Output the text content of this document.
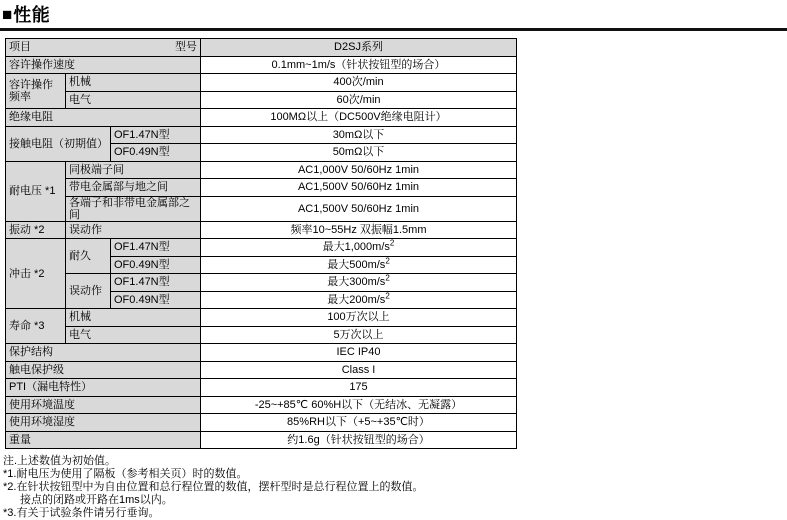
■ 性能
项目 型号			D2SJ系列
容许操作速度			0.1mm~1m/s（针状按钮型的场合）
容许操作频率	机械		400次/min
	电气		60次/min
绝缘电阻			100MΩ以上（DC500V绝缘电阻计）
接触电阻（初期值）		OF1.47N型	30mΩ以下
		OF0.49N型	50mΩ以下
耐电压 *1	同极端子间		AC1,000V 50/60Hz 1min
	带电金属部与地之间		AC1,500V 50/60Hz 1min
	各端子和非带电金属部之间		AC1,500V 50/60Hz 1min
振动 *2	误动作		频率10~55Hz 双振幅1.5mm
冲击 *2	耐久	OF1.47N型	最大$1,000m/s^2$
		OF0.49N型	最大$500m/s^2$
	误动作	OF1.47N型	最大$300m/s^2$
		OF0.49N型	最大$200m/s^2$
寿命 *3	机械		100万次以上
	电气		5万次以上
保护结构			IEC IP40
触电保护级			Class I
PTI（漏电特性）			175
使用环境温度			-25~+85℃ 60%H以下（无结冰、无凝露）
使用环境湿度			85%RH以下（+5~+35℃时）
重量			约1.6g（针状按钮型的场合）
注.上述数值为初始值。
*1.耐电压为使用了隔板（参考相关页）时的数值。
*2.在针状按钮型中为自由位置和总行程位置的数值，摆杆型时是总行程位置上的数值。
接点的闭路或开路在1ms以内。
*3.有关于试验条件请另行垂询。
